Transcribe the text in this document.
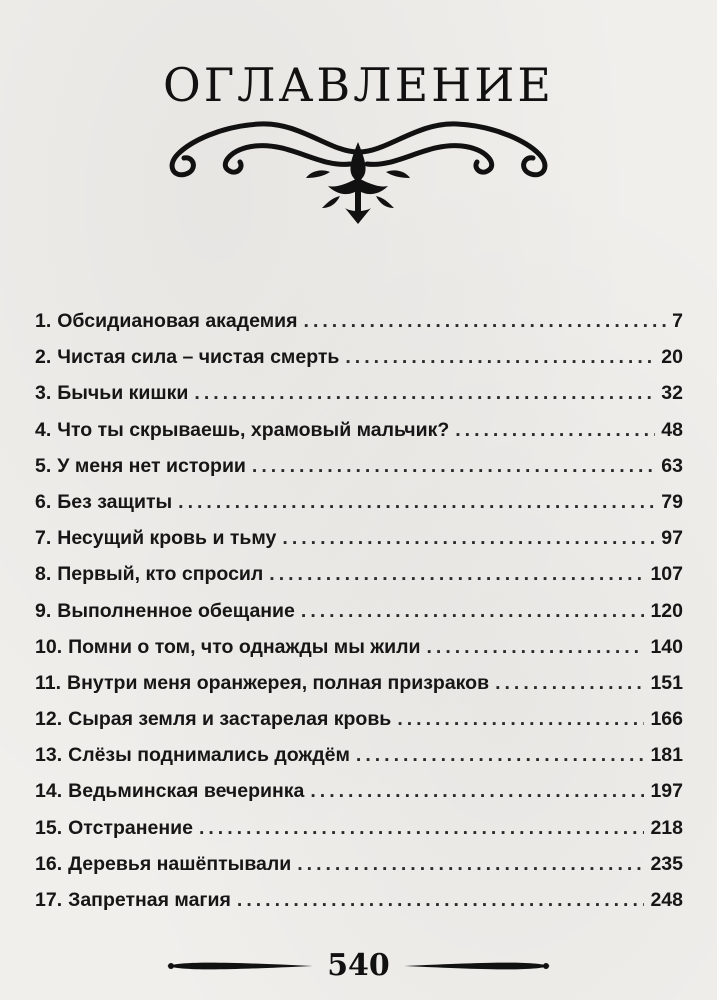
ОГЛАВЛЕНИЕ
1. Обсидиановая академия .....	7
2. Чистая сила – чистая смерть .....	20
3. Бычьи кишки .....	32
4. Что ты скрываешь, храмовый мальчик? .....	48
5. У меня нет истории .....	63
6. Без защиты .....	79
7. Несущий кровь и тьму .....	97
8. Первый, кто спросил .....	107
9. Выполненное обещание .....	120
10. Помни о том, что однажды мы жили .....	140
11. Внутри меня оранжерея, полная призраков .....	151
12. Сырая земля и застарелая кровь .....	166
13. Слёзы поднимались дождём .....	181
14. Ведьминская вечеринка .....	197
15. Отстранение .....	218
16. Деревья нашёптывали .....	235
17. Запретная магия .....	248
540
